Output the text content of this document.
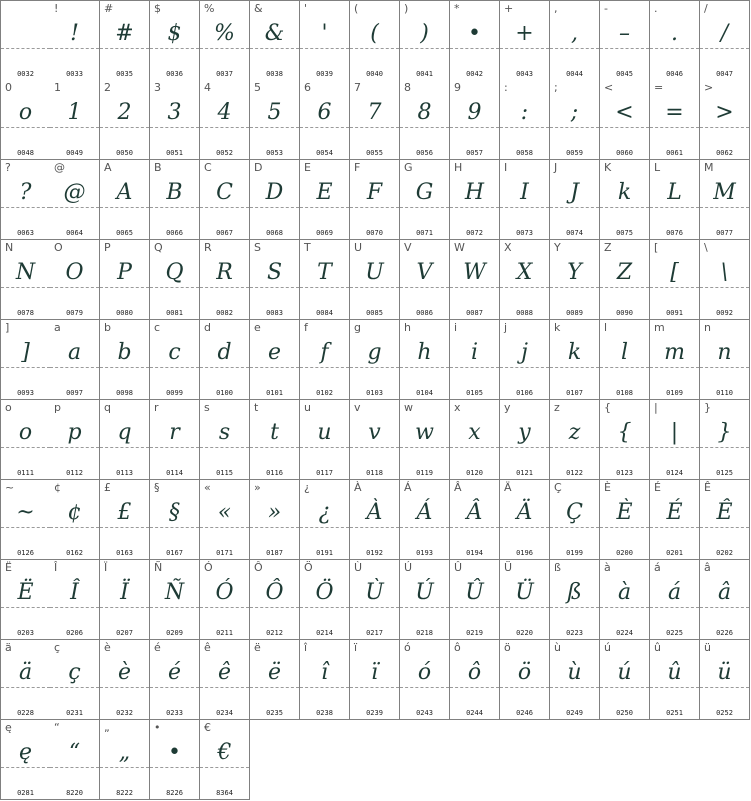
0032
!
!
0033
#
#
0035
$
$
0036
%
%
0037
&
&
0038
'
'
0039
(
(
0040
)
)
0041
*
•
0042
+
+
0043
,
,
0044
-
–
0045
.
.
0046
/
/
0047
0
o
0048
1
1
0049
2
2
0050
3
3
0051
4
4
0052
5
5
0053
6
6
0054
7
7
0055
8
8
0056
9
9
0057
:
:
0058
;
;
0059
<
<
0060
=
=
0061
>
>
0062
?
?
0063
@
@
0064
A
A
0065
B
B
0066
C
C
0067
D
D
0068
E
E
0069
F
F
0070
G
G
0071
H
H
0072
I
I
0073
J
J
0074
K
k
0075
L
L
0076
M
M
0077
N
N
0078
O
O
0079
P
P
0080
Q
Q
0081
R
R
0082
S
S
0083
T
T
0084
U
U
0085
V
V
0086
W
W
0087
X
X
0088
Y
Y
0089
Z
Z
0090
[
[
0091
\
\
0092
]
]
0093
a
a
0097
b
b
0098
c
c
0099
d
d
0100
e
e
0101
f
f
0102
g
g
0103
h
h
0104
i
i
0105
j
j
0106
k
k
0107
l
l
0108
m
m
0109
n
n
0110
o
o
0111
p
p
0112
q
q
0113
r
r
0114
s
s
0115
t
t
0116
u
u
0117
v
v
0118
w
w
0119
x
x
0120
y
y
0121
z
z
0122
{
{
0123
|
|
0124
}
}
0125
~
~
0126
¢
¢
0162
£
£
0163
§
§
0167
«
«
0171
»
»
0187
¿
¿
0191
À
À
0192
Á
Á
0193
Â
Â
0194
Ä
Ä
0196
Ç
Ç
0199
È
È
0200
É
É
0201
Ê
Ê
0202
Ë
Ë
0203
Î
Î
0206
Ï
Ï
0207
Ñ
Ñ
0209
Ó
Ó
0211
Ô
Ô
0212
Ö
Ö
0214
Ù
Ù
0217
Ú
Ú
0218
Û
Û
0219
Ü
Ü
0220
ß
ß
0223
à
à
0224
á
á
0225
â
â
0226
ä
ä
0228
ç
ç
0231
è
è
0232
é
é
0233
ê
ê
0234
ë
ë
0235
î
î
0238
ï
ï
0239
ó
ó
0243
ô
ô
0244
ö
ö
0246
ù
ù
0249
ú
ú
0250
û
û
0251
ü
ü
0252
ę
ę
0281
“
“
8220
„
„
8222
•
•
8226
€
€
8364
